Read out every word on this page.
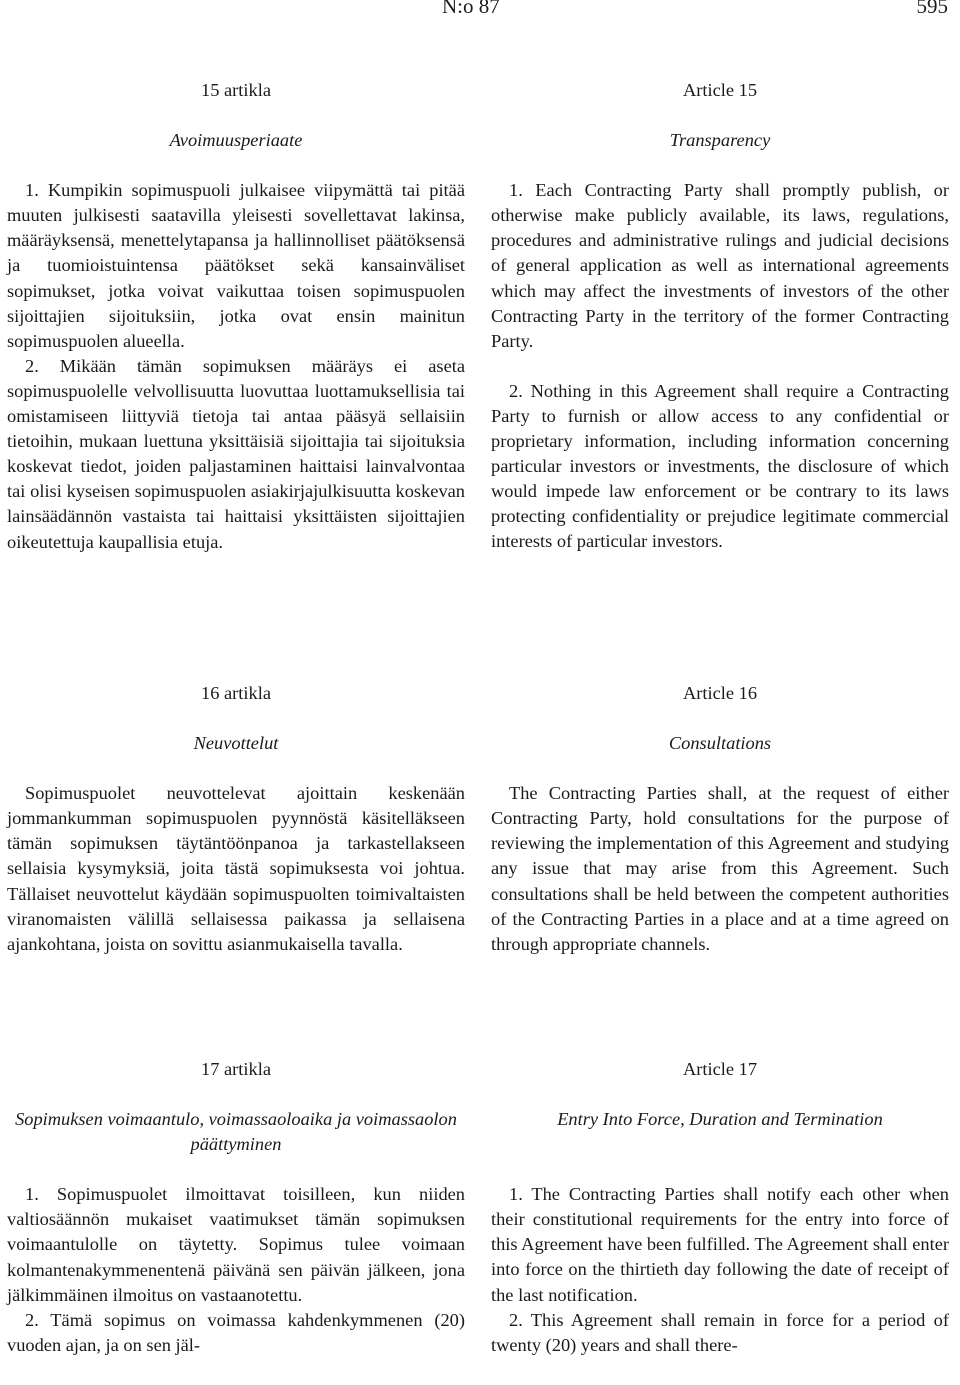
N:o 87	595
15 artikla
Avoimuusperiaate

1. Kumpikin sopimuspuoli julkaisee viipymättä tai pitää muuten julkisesti saatavilla yleisesti sovellettavat lakinsa, määräyksensä, menettelytapansa ja hallinnolliset päätöksensä ja tuomioistuintensa päätökset sekä kansainväliset sopimukset, jotka voivat vaikuttaa toisen sopimuspuolen sijoittajien sijoituksiin, jotka ovat ensin mainitun sopimuspuolen alueella.

2. Mikään tämän sopimuksen määräys ei aseta sopimuspuolelle velvollisuutta luovuttaa luottamuksellisia tai omistamiseen liittyviä tietoja tai antaa pääsyä sellaisiin tietoihin, mukaan luettuna yksittäisiä sijoittajia tai sijoituksia koskevat tiedot, joiden paljastaminen haittaisi lainvalvontaa tai olisi kyseisen sopimuspuolen asiakirjajulkisuutta koskevan lainsäädännön vastaista tai haittaisi yksittäisten sijoittajien oikeutettuja kaupallisia etuja.

16 artikla
Neuvottelut

Sopimuspuolet neuvottelevat ajoittain keskenään jommankumman sopimuspuolen pyynnöstä käsitelläkseen tämän sopimuksen täytäntöönpanoa ja tarkastellakseen sellaisia kysymyksiä, joita tästä sopimuksesta voi johtua. Tällaiset neuvottelut käydään sopimuspuolten toimivaltaisten viranomaisten välillä sellaisessa paikassa ja sellaisena ajankohtana, joista on sovittu asianmukaisella tavalla.

17 artikla
Sopimuksen voimaantulo, voimassaoloaika ja voimassaolon päättyminen

1. Sopimuspuolet ilmoittavat toisilleen, kun niiden valtiosäännön mukaiset vaatimukset tämän sopimuksen voimaantulolle on täytetty. Sopimus tulee voimaan kolmantenakymmenentenä päivänä sen päivän jälkeen, jona jälkimmäinen ilmoitus on vastaanotettu.

2. Tämä sopimus on voimassa kahdenkymmenen (20) vuoden ajan, ja on sen jäl-

Article 15
Transparency

1. Each Contracting Party shall promptly publish, or otherwise make publicly available, its laws, regulations, procedures and administrative rulings and judicial decisions of general application as well as international agreements which may affect the investments of investors of the other Contracting Party in the territory of the former Contracting Party.

2. Nothing in this Agreement shall require a Contracting Party to furnish or allow access to any confidential or proprietary information, including information concerning particular investors or investments, the disclosure of which would impede law enforcement or be contrary to its laws protecting confidentiality or prejudice legitimate commercial interests of particular investors.

Article 16
Consultations

The Contracting Parties shall, at the request of either Contracting Party, hold consultations for the purpose of reviewing the implementation of this Agreement and studying any issue that may arise from this Agreement. Such consultations shall be held between the competent authorities of the Contracting Parties in a place and at a time agreed on through appropriate channels.

Article 17
Entry Into Force, Duration and Termination

1. The Contracting Parties shall notify each other when their constitutional requirements for the entry into force of this Agreement have been fulfilled. The Agreement shall enter into force on the thirtieth day following the date of receipt of the last notification.

2. This Agreement shall remain in force for a period of twenty (20) years and shall there-
